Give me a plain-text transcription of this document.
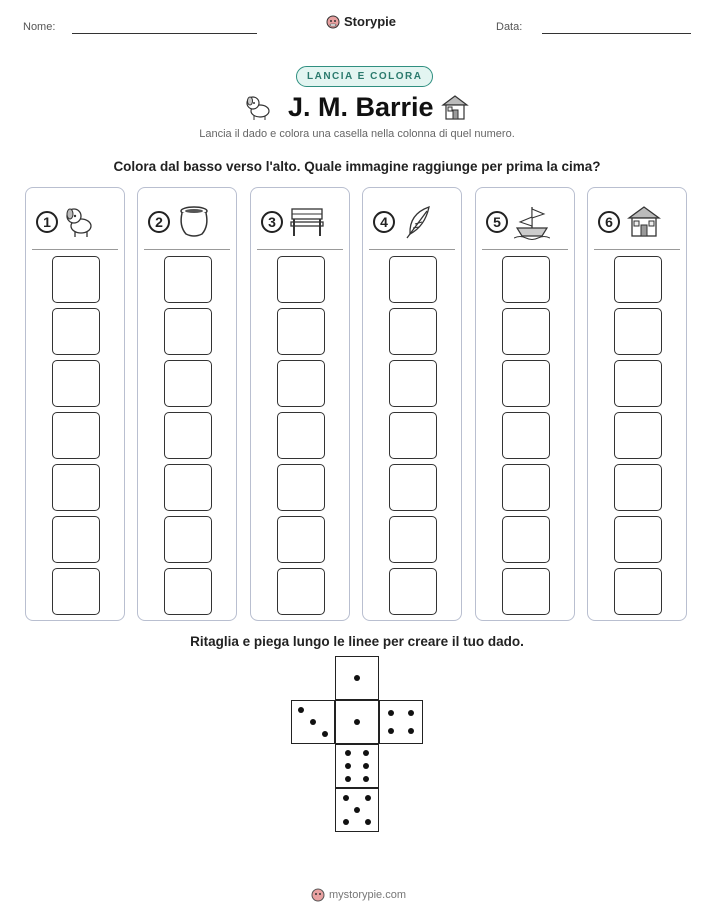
Nome:	Storypie	Data:
LANCIA E COLORA
J. M. Barrie
Lancia il dado e colora una casella nella colonna di quel numero.
Colora dal basso verso l'alto. Quale immagine raggiunge per prima la cima?
1	2	3	4	5	6
Ritaglia e piega lungo le linee per creare il tuo dado.
mystorypie.com
